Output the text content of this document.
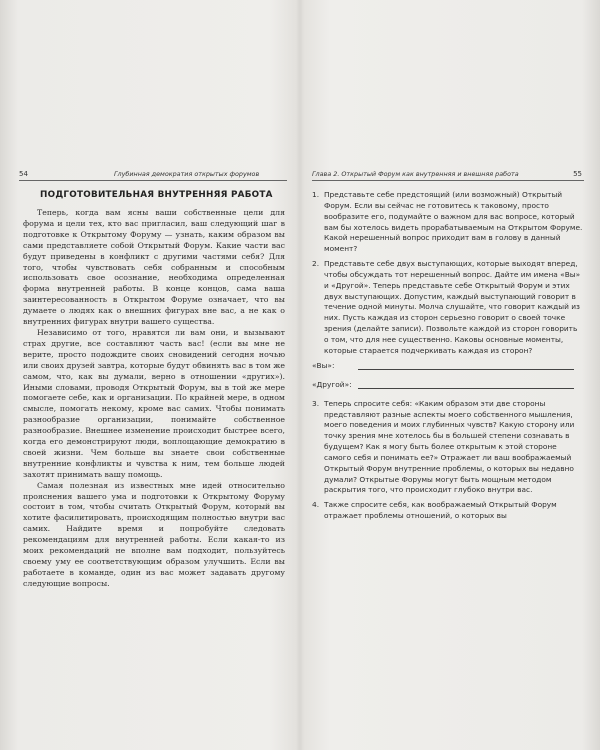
54	Глубинная демократия открытых форумов
ПОДГОТОВИТЕЛЬНАЯ ВНУТРЕННЯЯ РАБОТА

Теперь, когда вам ясны ваши собственные цели для форума и цели тех, кто вас пригласил, ваш следующий шаг в подготовке к Открытому Форуму — узнать, каким образом вы сами представляете собой Открытый Форум. Какие части вас будут приведены в конфликт с другими частями себя? Для того, чтобы чувствовать себя собранным и способным использовать свое осознание, необходима определенная форма внутренней работы. В конце концов, сама ваша заинтересованность в Открытом Форуме означает, что вы думаете о людях как о внешних фигурах вне вас, а не как о внутренних фигурах внутри вашего существа.

Независимо от того, нравятся ли вам они, и вызывают страх другие, все составляют часть вас! (если вы мне не верите, просто подождите своих сновидений сегодня ночью или своих друзей завтра, которые будут обвинять вас в том же самом, что, как вы думали, верно в отношении «других»). Иными словами, проводя Открытый Форум, вы в той же мере помогаете себе, как и организации. По крайней мере, в одном смысле, помогать некому, кроме вас самих. Чтобы понимать разнообразие организации, понимайте собственное разнообразие. Внешнее изменение происходит быстрее всего, когда его демонстрируют люди, воплощающие демократию в своей жизни. Чем больше вы знаете свои собственные внутренние конфликты и чувства к ним, тем больше людей захотят принимать вашу помощь.

Самая полезная из известных мне идей относительно прояснения вашего ума и подготовки к Открытому Форуму состоит в том, чтобы считать Открытый Форум, который вы хотите фасилитировать, происходящим полностью внутри вас самих. Найдите время и попробуйте следовать рекомендациям для внутренней работы. Если какая-то из моих рекомендаций не вполне вам подходит, пользуйтесь своему уму ее соответствующим образом улучшить. Если вы работаете в команде, один из вас может задавать другому следующие вопросы.

Глава 2. Открытый Форум как внутренняя и внешняя работа	55
1. Представьте себе предстоящий (или возможный) Открытый Форум. Если вы сейчас не готовитесь к таковому, просто вообразите его, подумайте о важном для вас вопросе, который вам бы хотелось видеть прорабатываемым на Открытом Форуме. Какой нерешенный вопрос приходит вам в голову в данный момент?
2. Представьте себе двух выступающих, которые выходят вперед, чтобы обсуждать тот нерешенный вопрос. Дайте им имена «Вы» и «Другой». Теперь представьте себе Открытый Форум и этих двух выступающих. Допустим, каждый выступающий говорит в течение одной минуты. Молча слушайте, что говорит каждый из них. Пусть каждая из сторон серьезно говорит о своей точке зрения (делайте записи). Позвольте каждой из сторон говорить о том, что для нее существенно. Каковы основные моменты, которые старается подчеркивать каждая из сторон?
«Вы»:
«Другой»:
3. Теперь спросите себя: «Каким образом эти две стороны представляют разные аспекты моего собственного мышления, моего поведения и моих глубинных чувств? Какую сторону или точку зрения мне хотелось бы в большей степени сознавать в будущем? Как я могу быть более открытым к этой стороне самого себя и понимать ее?» Отражает ли ваш воображаемый Открытый Форум внутренние проблемы, о которых вы недавно думали? Открытые Форумы могут быть мощным методом раскрытия того, что происходит глубоко внутри вас.
4. Также спросите себя, как воображаемый Открытый Форум отражает проблемы отношений, о которых вы
